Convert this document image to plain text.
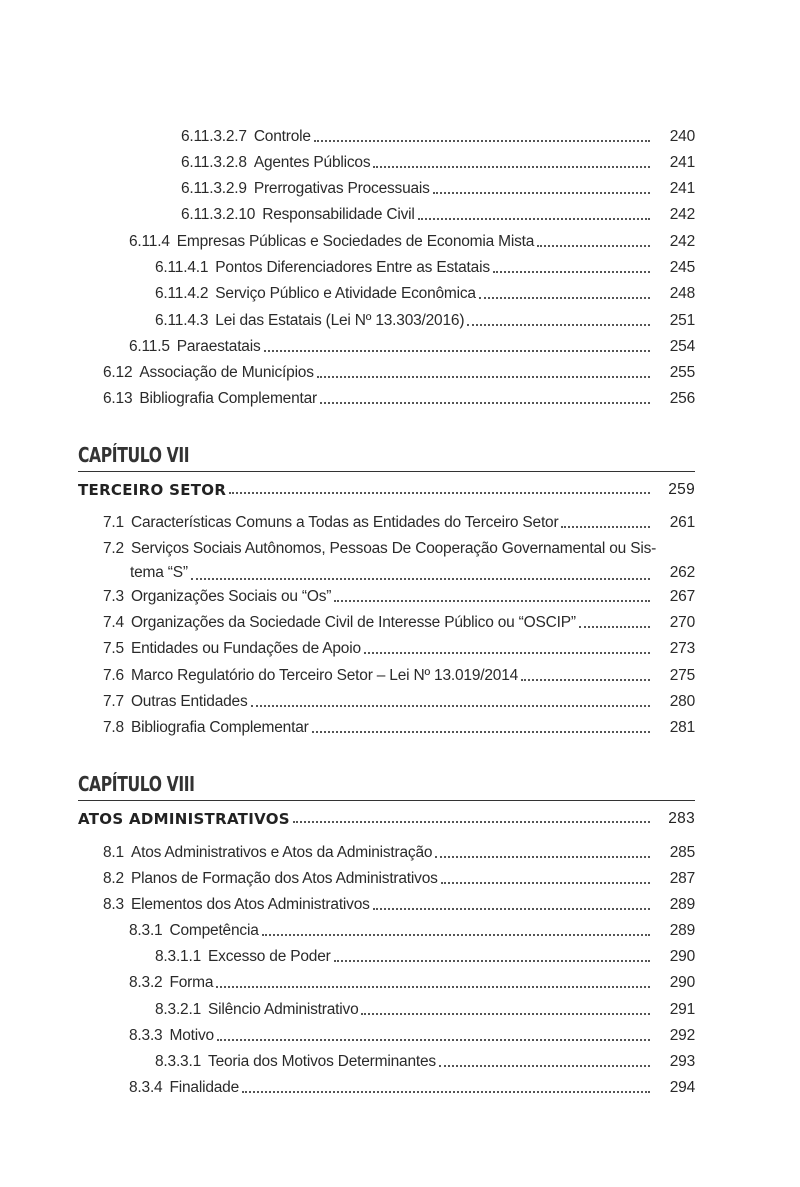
6.11.3.2.7 Controle	240
6.11.3.2.8 Agentes Públicos	241
6.11.3.2.9 Prerrogativas Processuais	241
6.11.3.2.10 Responsabilidade Civil	242
6.11.4 Empresas Públicas e Sociedades de Economia Mista	242
6.11.4.1 Pontos Diferenciadores Entre as Estatais	245
6.11.4.2 Serviço Público e Atividade Econômica	248
6.11.4.3 Lei das Estatais (Lei Nº 13.303/2016)	251
6.11.5 Paraestatais	254
6.12 Associação de Municípios	255
6.13 Bibliografia Complementar	256
CAPÍTULO VII
TERCEIRO SETOR	259
7.1 Características Comuns a Todas as Entidades do Terceiro Setor	261
7.2 Serviços Sociais Autônomos, Pessoas De Cooperação Governamental ou Sis-
tema “S”	262
7.3 Organizações Sociais ou “Os”	267
7.4 Organizações da Sociedade Civil de Interesse Público ou “OSCIP”	270
7.5 Entidades ou Fundações de Apoio	273
7.6 Marco Regulatório do Terceiro Setor – Lei Nº 13.019/2014	275
7.7 Outras Entidades	280
7.8 Bibliografia Complementar	281
CAPÍTULO VIII
ATOS ADMINISTRATIVOS	283
8.1 Atos Administrativos e Atos da Administração	285
8.2 Planos de Formação dos Atos Administrativos	287
8.3 Elementos dos Atos Administrativos	289
8.3.1 Competência	289
8.3.1.1 Excesso de Poder	290
8.3.2 Forma	290
8.3.2.1 Silêncio Administrativo	291
8.3.3 Motivo	292
8.3.3.1 Teoria dos Motivos Determinantes	293
8.3.4 Finalidade	294
